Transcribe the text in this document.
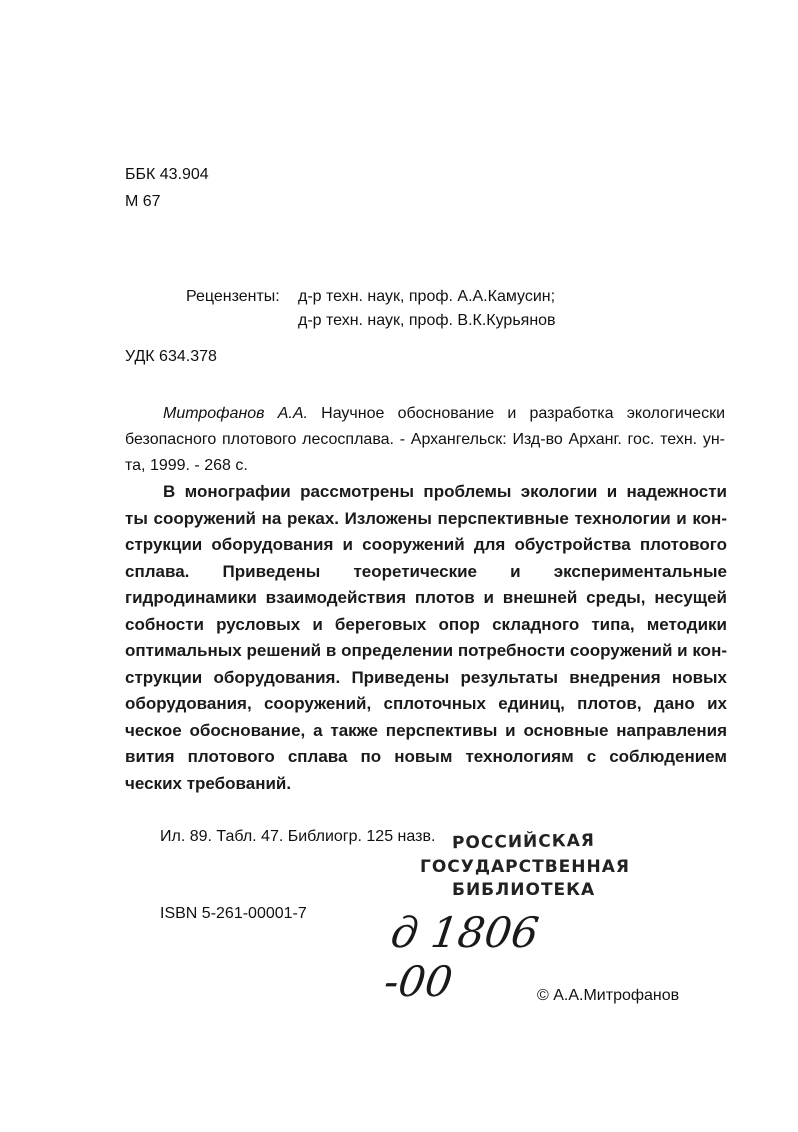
ББК 43.904
М 67
Рецензенты: д-р техн. наук, проф. А.А.Камусин;
д-р техн. наук, проф. В.К.Курьянов
УДК 634.378
Митрофанов А.А. Научное обоснование и разработка экологически безопасного плотового лесосплава. - Архангельск: Изд-во Арханг. гос. техн. ун-та, 1999. - 268 с.
В монографии рассмотрены проблемы экологии и надежности
ты сооружений на реках. Изложены перспективные технологии и кон-
струкции оборудования и сооружений для обустройства плотового
сплава. Приведены теоретические и экспериментальные
гидродинамики взаимодействия плотов и внешней среды, несущей
собности русловых и береговых опор складного типа, методики
оптимальных решений в определении потребности сооружений и кон-
струкции оборудования. Приведены результаты внедрения новых
оборудования, сооружений, сплоточных единиц, плотов, дано их
ческое обоснование, а также перспективы и основные направления
вития плотового сплава по новым технологиям с соблюдением
ческих требований.
Ил. 89. Табл. 47. Библиогр. 125 назв. РОССИЙСКАЯ
ГОСУДАРСТВЕННАЯ
БИБЛИОТЕКА
ISBN 5-261-00001-7 д 1806 -00	© А.А.Митрофанов
